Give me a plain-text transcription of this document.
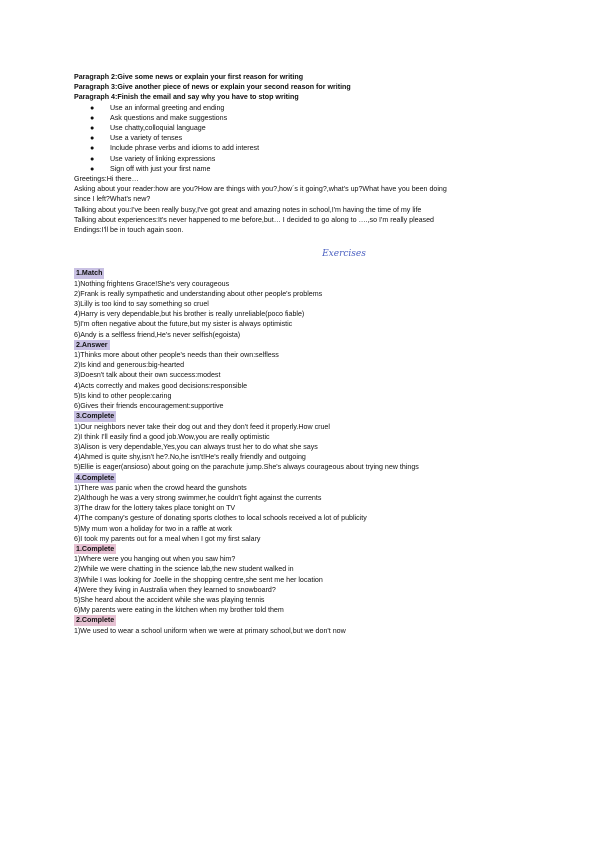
Paragraph 2:Give some news or explain your first reason for writing
Paragraph 3:Give another piece of news or explain your second reason for writing
Paragraph 4:Finish the email and say why you have to stop writing
● Use an informal greeting and ending
● Ask questions and make suggestions
● Use chatty,colloquial language
● Use a variety of tenses
● Include phrase verbs and idioms to add interest
● Use variety of linking expressions
● Sign off with just your first name
Greetings:Hi there…
Asking about your reader:how are you?How are things with you?,how´s it going?,what's up?What have you been doing
since I left?What's new?
Talking about you:I've been really busy,I've got great and amazing notes in school,I'm having the time of my life
Talking about experiences:It's never happened to me before,but… I decided to go along to ….,so I'm really pleased
Endings:I'll be in touch again soon.
Exercises
1.Match
1)Nothing frightens Grace!She's very courageous
2)Frank is really sympathetic and understanding about other people's problems
3)Lilly is too kind to say something so cruel
4)Harry is very dependable,but his brother is really unreliable(poco fiable)
5)I'm often negative about the future,but my sister is always optimistic
6)Andy is a selfless friend,He's never selfish(egoista)
2.Answer
1)Thinks more about other people's needs than their own:selfless
2)Is kind and generous:big-hearted
3)Doesn't talk about their own success:modest
4)Acts correctly and makes good decisions:responsible
5)Is kind to other people:caring
6)Gives their friends encouragement:supportive
3.Complete
1)Our neighbors never take their dog out and they don't feed it properly.How cruel
2)I think I'll easily find a good job.Wow,you are really optimistic
3)Alison is very dependable,Yes,you can always trust her to do what she says
4)Ahmed is quite shy,isn't he?.No,he isn't!He's really friendly and outgoing
5)Ellie is eager(ansioso) about going on the parachute jump.She's always courageous about trying new things
4.Complete
1)There was panic when the crowd heard the gunshots
2)Although he was a very strong swimmer,he couldn't fight against the currents
3)The draw for the lottery takes place tonight on TV
4)The company's gesture of donating sports clothes to local schools received a lot of publicity
5)My mum won a holiday for two in a raffle at work
6)I took my parents out for a meal when I got my first salary
1.Complete
1)Where were you hanging out when you saw him?
2)While we were chatting in the science lab,the new student walked in
3)While I was looking for Joelle in the shopping centre,she sent me her location
4)Were they living in Australia when they learned to snowboard?
5)She heard about the accident while she was playing tennis
6)My parents were eating in the kitchen when my brother told them
2.Complete
1)We used to wear a school uniform when we were at primary school,but we don't now
